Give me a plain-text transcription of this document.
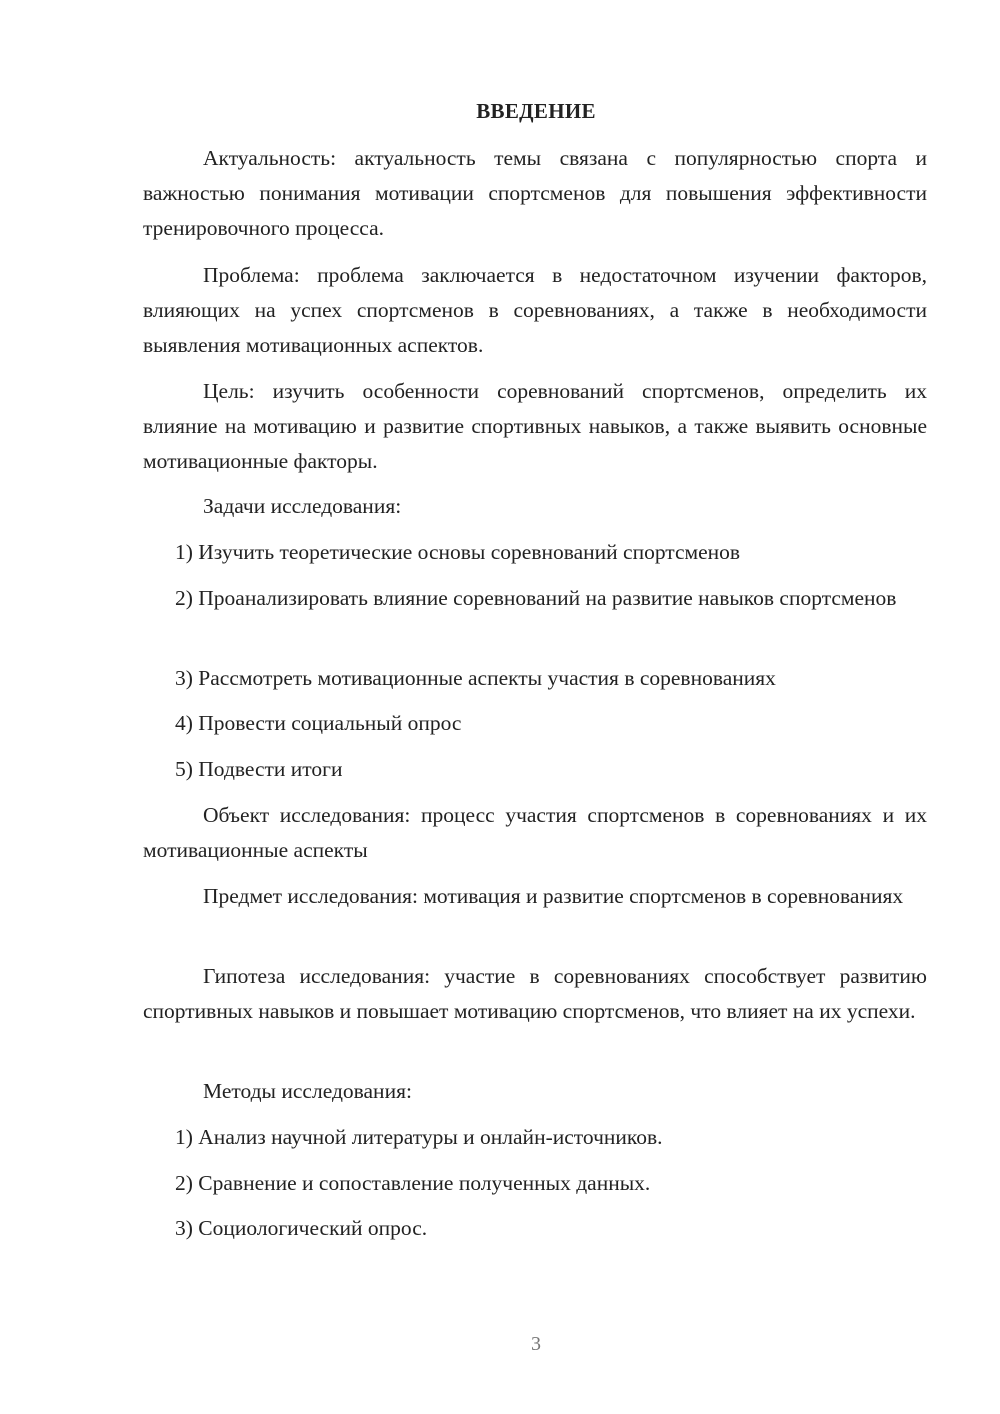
ВВЕДЕНИЕ

Актуальность: актуальность темы связана с популярностью спорта и важностью понимания мотивации спортсменов для повышения эффективности тренировочного процесса.

Проблема: проблема заключается в недостаточном изучении факторов, влияющих на успех спортсменов в соревнованиях, а также в необходимости выявления мотивационных аспектов.

Цель: изучить особенности соревнований спортсменов, определить их влияние на мотивацию и развитие спортивных навыков, а также выявить основные мотивационные факторы.

Задачи исследования:

1) Изучить теоретические основы соревнований спортсменов

2) Проанализировать влияние соревнований на развитие навыков спортсменов

3) Рассмотреть мотивационные аспекты участия в соревнованиях

4) Провести социальный опрос

5) Подвести итоги

Объект исследования: процесс участия спортсменов в соревнованиях и их мотивационные аспекты

Предмет исследования: мотивация и развитие спортсменов в соревнованиях

Гипотеза исследования: участие в соревнованиях способствует развитию спортивных навыков и повышает мотивацию спортсменов, что влияет на их успехи.

Методы исследования:

1) Анализ научной литературы и онлайн-источников.

2) Сравнение и сопоставление полученных данных.

3) Социологический опрос.

3
